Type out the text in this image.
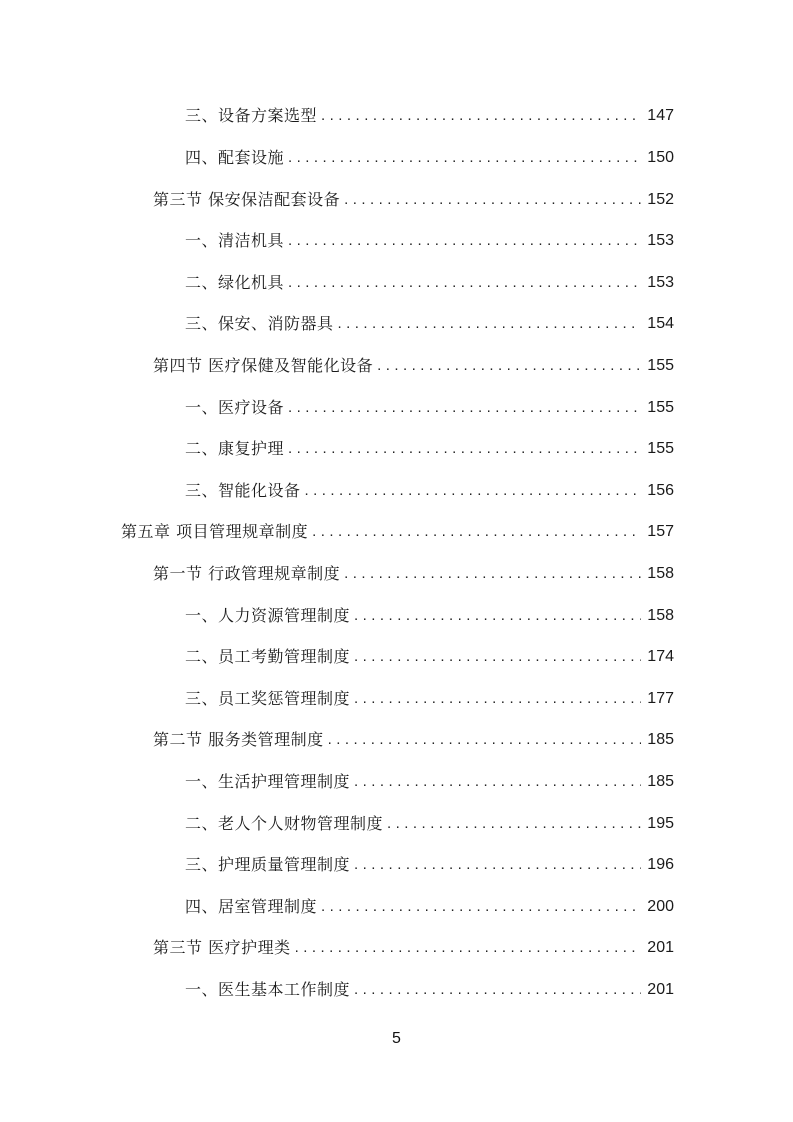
三、设备方案选型 . . .	147
四、配套设施 . . .	150
第三节 保安保洁配套设备 . . .	152
一、清洁机具 . . .	153
二、绿化机具 . . .	153
三、保安、消防器具 . . .	154
第四节 医疗保健及智能化设备 . . .	155
一、医疗设备 . . .	155
二、康复护理 . . .	155
三、智能化设备 . . .	156
第五章 项目管理规章制度 . . .	157
第一节 行政管理规章制度 . . .	158
一、人力资源管理制度 . . .	158
二、员工考勤管理制度 . . .	174
三、员工奖惩管理制度 . . .	177
第二节 服务类管理制度 . . .	185
一、生活护理管理制度 . . .	185
二、老人个人财物管理制度 . . .	195
三、护理质量管理制度 . . .	196
四、居室管理制度 . . .	200
第三节 医疗护理类 . . .	201
一、医生基本工作制度 . . .	201
5
